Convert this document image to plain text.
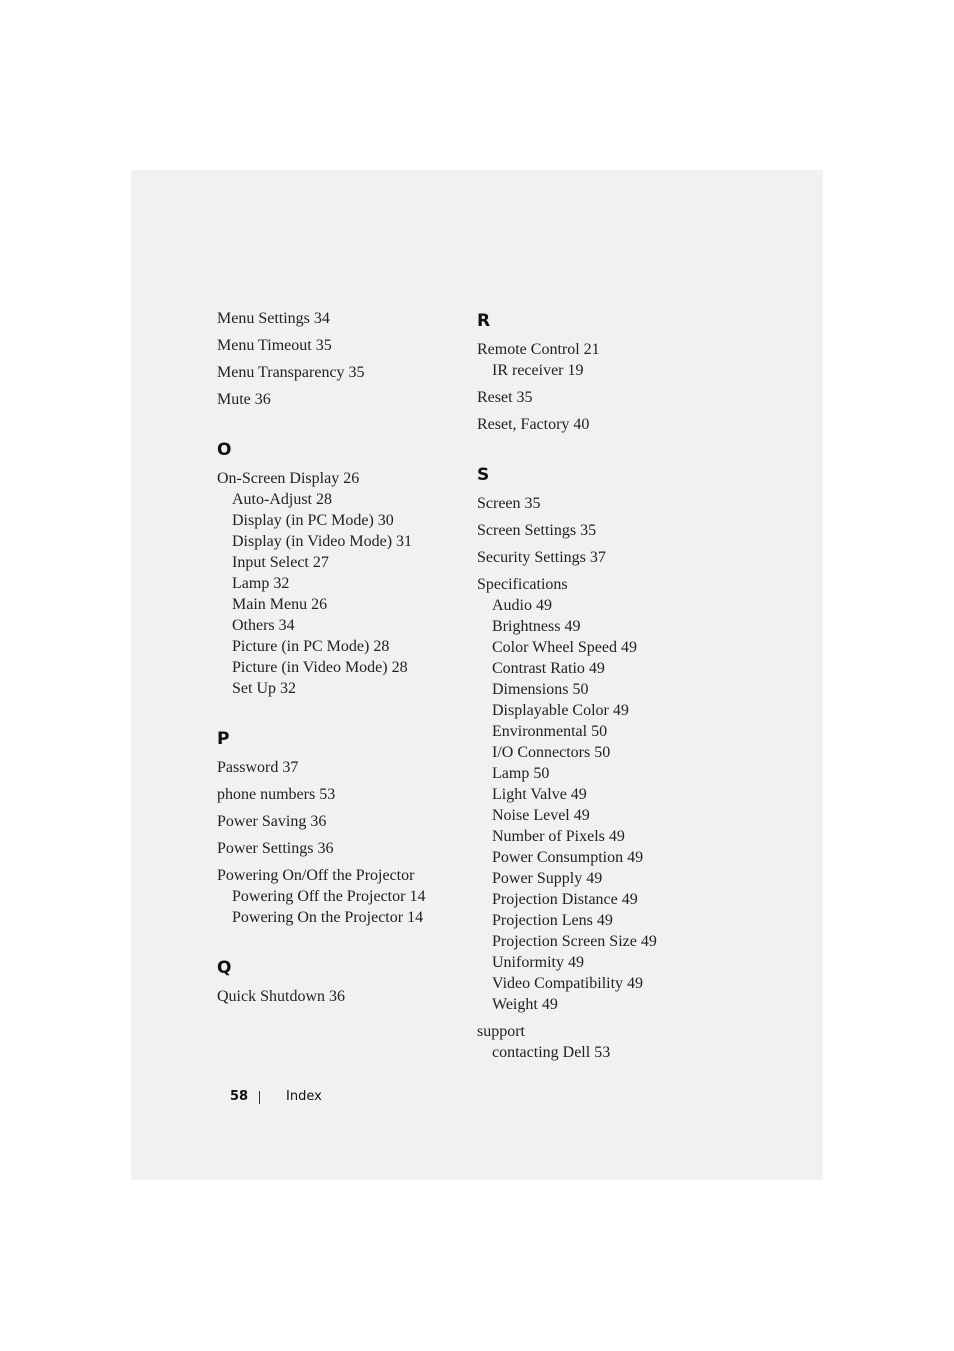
Menu Settings 34
Menu Timeout 35
Menu Transparency 35
Mute 36
O
On-Screen Display 26
Auto-Adjust 28
Display (in PC Mode) 30
Display (in Video Mode) 31
Input Select 27
Lamp 32
Main Menu 26
Others 34
Picture (in PC Mode) 28
Picture (in Video Mode) 28
Set Up 32
P
Password 37
phone numbers 53
Power Saving 36
Power Settings 36
Powering On/Off the Projector
Powering Off the Projector 14
Powering On the Projector 14
Q
Quick Shutdown 36
R
Remote Control 21
IR receiver 19
Reset 35
Reset, Factory 40
S
Screen 35
Screen Settings 35
Security Settings 37
Specifications
Audio 49
Brightness 49
Color Wheel Speed 49
Contrast Ratio 49
Dimensions 50
Displayable Color 49
Environmental 50
I/O Connectors 50
Lamp 50
Light Valve 49
Noise Level 49
Number of Pixels 49
Power Consumption 49
Power Supply 49
Projection Distance 49
Projection Lens 49
Projection Screen Size 49
Uniformity 49
Video Compatibility 49
Weight 49
support
contacting Dell 53
58	Index
